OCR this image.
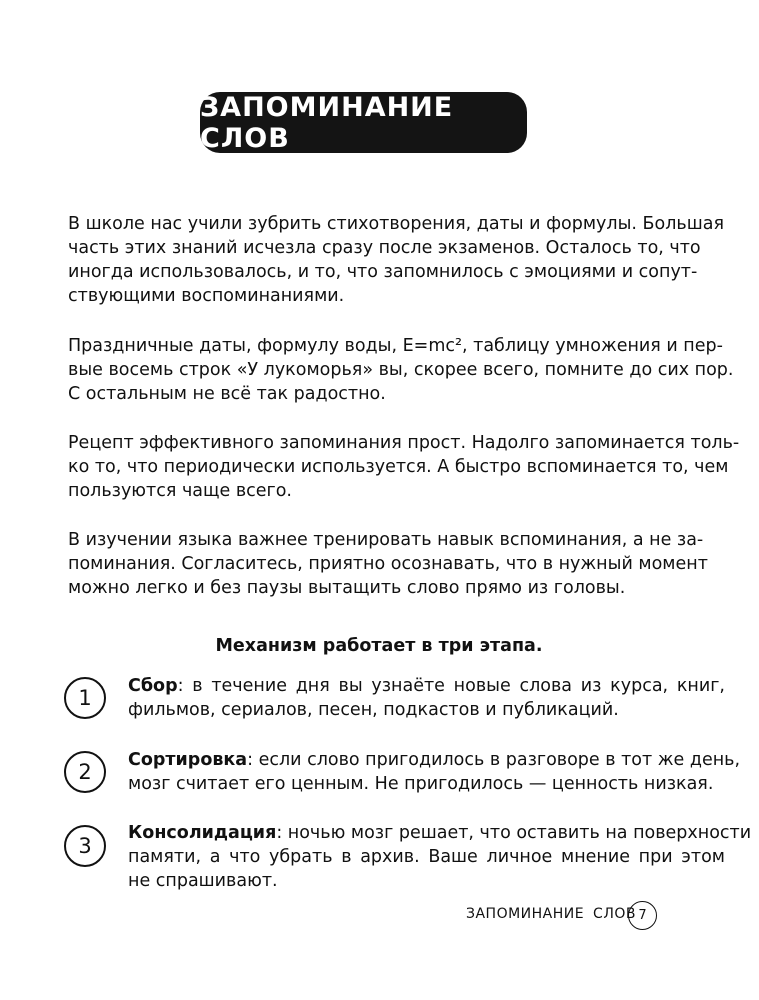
ЗАПОМИНАНИЕ СЛОВ
В школе нас учили зубрить стихотворения, даты и формулы. Большая
часть этих знаний исчезла сразу после экзаменов. Осталось то, что
иногда использовалось, и то, что запомнилось с эмоциями и сопут-
ствующими воспоминаниями.
Праздничные даты, формулу воды, E=mc², таблицу умножения и пер-
вые восемь строк «У лукоморья» вы, скорее всего, помните до сих пор.
С остальным не всё так радостно.
Рецепт эффективного запоминания прост. Надолго запоминается толь-
ко то, что периодически используется. А быстро вспоминается то, чем
пользуются чаще всего.
В изучении языка важнее тренировать навык вспоминания, а не за-
поминания. Согласитесь, приятно осознавать, что в нужный момент
можно легко и без паузы вытащить слово прямо из головы.

Механизм работает в три этапа.

1 Сбор: в течение дня вы узнаёте новые слова из курса, книг,
фильмов, сериалов, песен, подкастов и публикаций.
2 Сортировка: если слово пригодилось в разговоре в тот же день,
мозг считает его ценным. Не пригодилось — ценность низкая.
3
Консолидация: ночью мозг решает, что оставить на поверхности
памяти, а что убрать в архив. Ваше личное мнение при этом
не спрашивают.
ЗАПОМИНАНИЕ СЛОВ 7
